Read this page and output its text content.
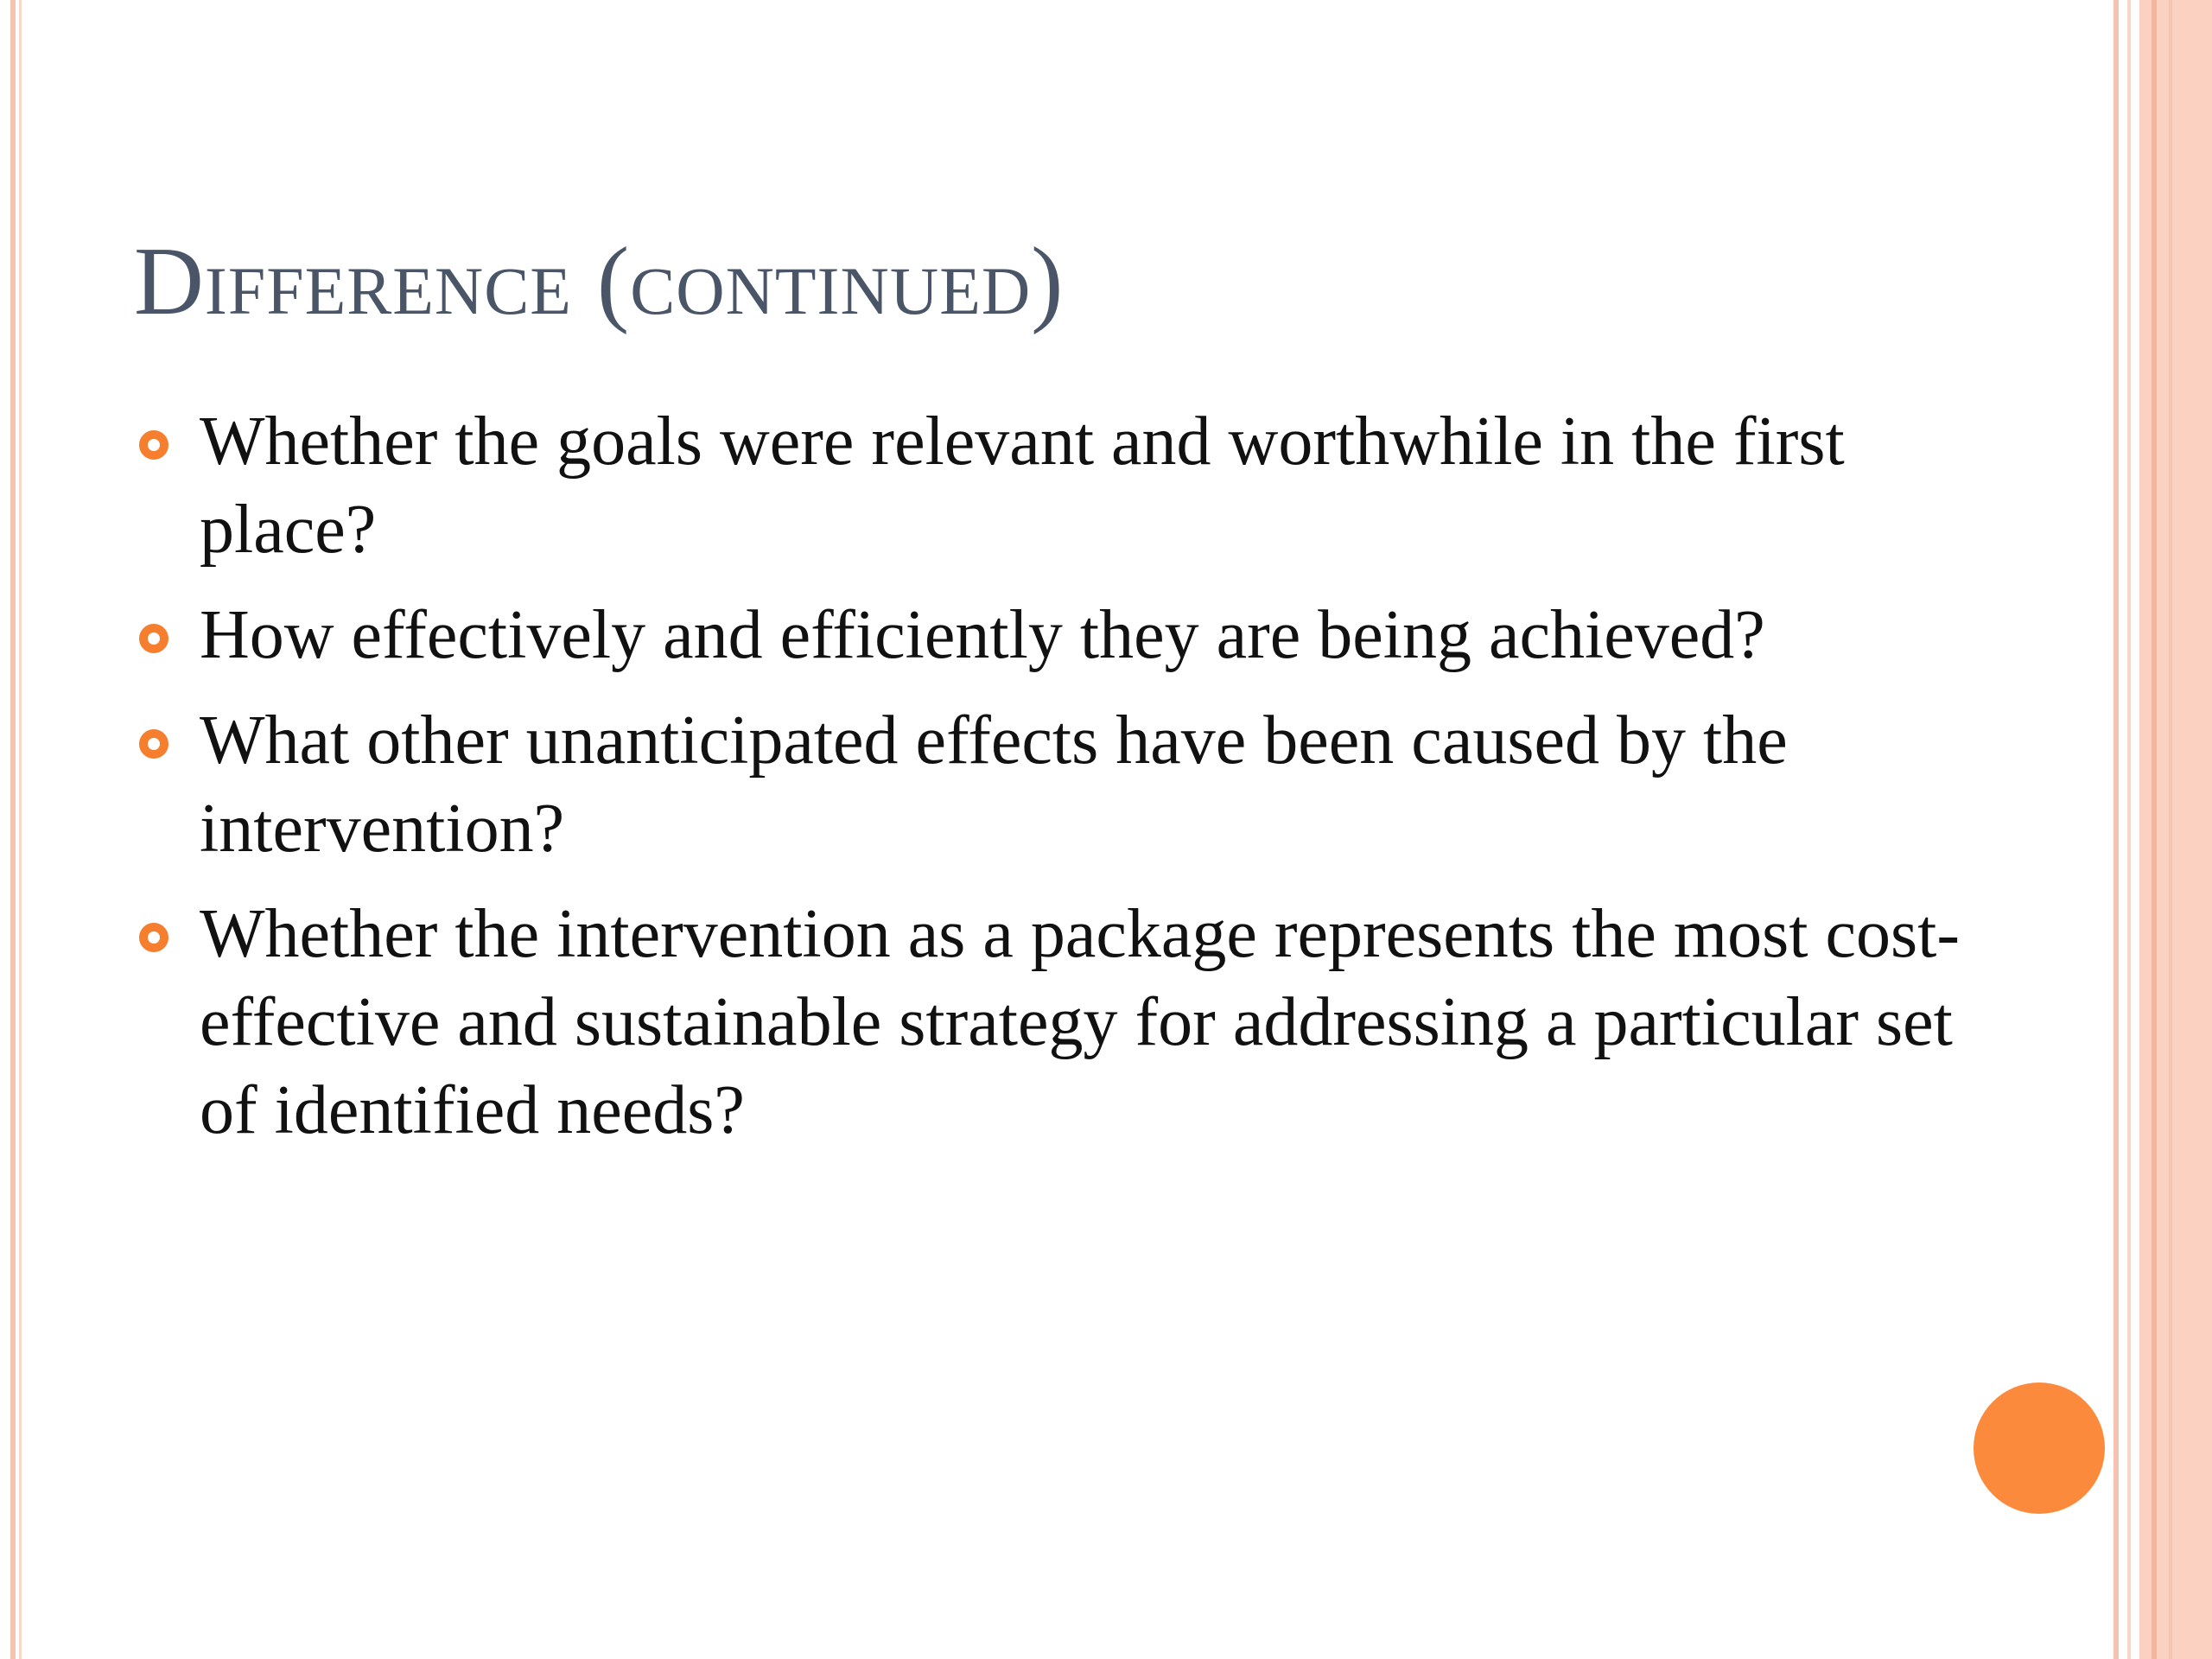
Difference (continued)
Whether the goals were relevant and worthwhile in the first place?
How effectively and efficiently they are being achieved?
What other unanticipated effects have been caused by the intervention?
Whether the intervention as a package represents the most cost-effective and sustainable strategy for addressing a particular set of identified needs?
